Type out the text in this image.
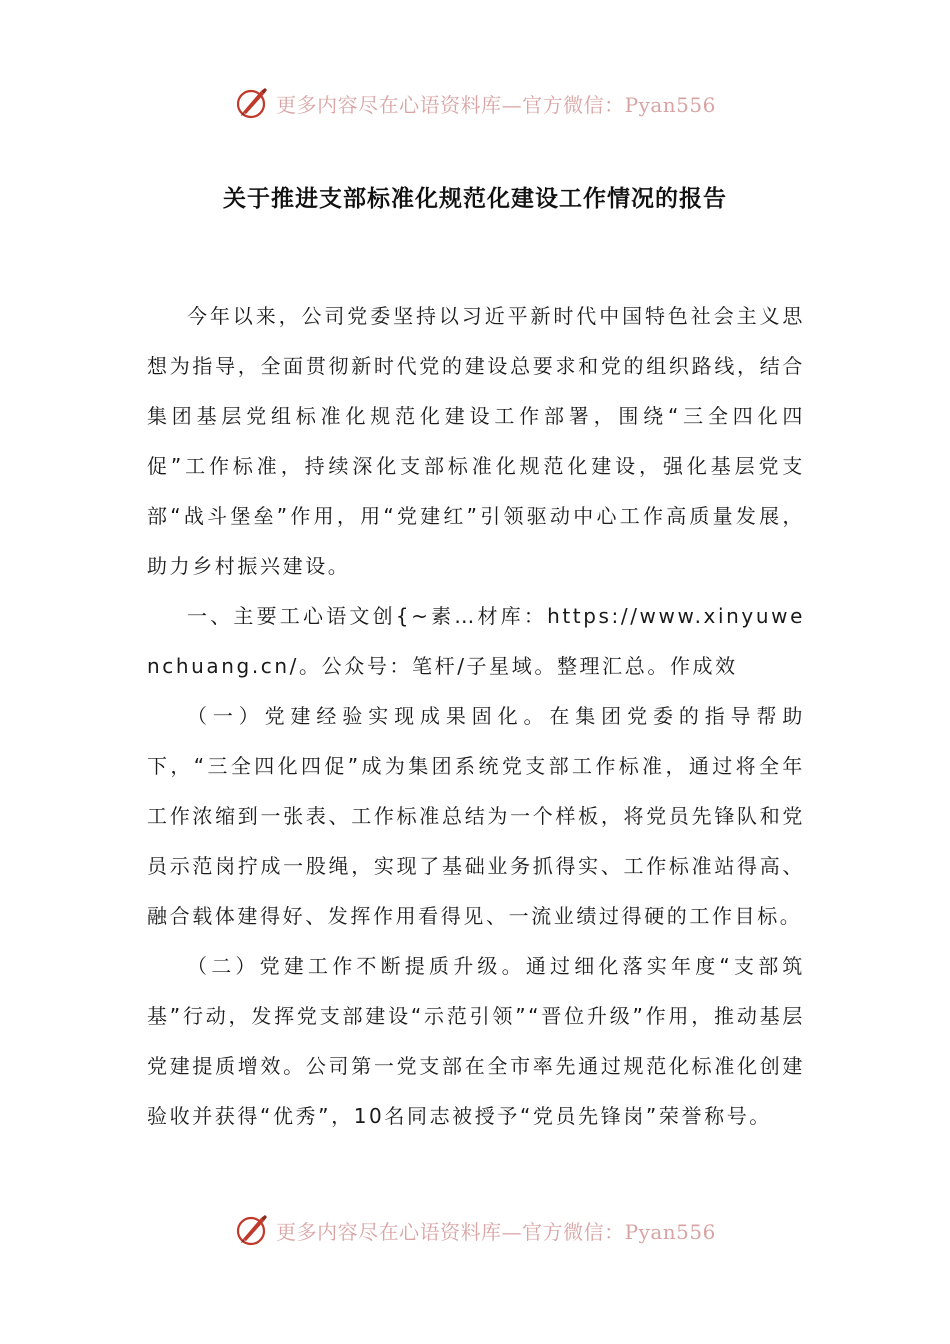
更多内容尽在心语资料库—官方微信：Pyan556
关于推进支部标准化规范化建设工作情况的报告

今年以来，公司党委坚持以习近平新时代中国特色社会主义思想为指导，全面贯彻新时代党的建设总要求和党的组织路线，结合集团基层党组标准化规范化建设工作部署，围绕“三全四化四促”工作标准，持续深化支部标准化规范化建设，强化基层党支部“战斗堡垒”作用，用“党建红”引领驱动中心工作高质量发展，助力乡村振兴建设。

一、主要工心语文创{~素…材库：https://www.xinyuwenchuang.cn/。公众号：笔杆/子星域。整理汇总。作成效

（一）党建经验实现成果固化。在集团党委的指导帮助下，“三全四化四促”成为集团系统党支部工作标准，通过将全年工作浓缩到一张表、工作标准总结为一个样板，将党员先锋队和党员示范岗拧成一股绳，实现了基础业务抓得实、工作标准站得高、融合载体建得好、发挥作用看得见、一流业绩过得硬的工作目标。

（二）党建工作不断提质升级。通过细化落实年度“支部筑基”行动，发挥党支部建设“示范引领”“晋位升级”作用，推动基层党建提质增效。公司第一党支部在全市率先通过规范化标准化创建验收并获得“优秀”，10名同志被授予“党员先锋岗”荣誉称号。

更多内容尽在心语资料库—官方微信：Pyan556
